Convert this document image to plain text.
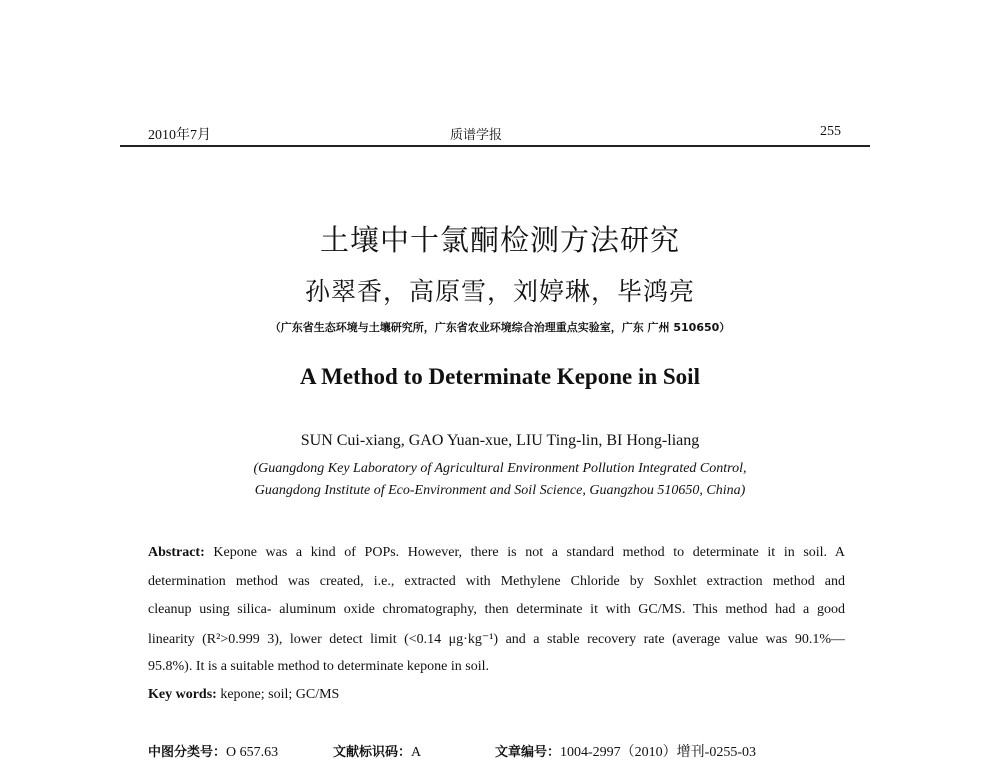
2010年7月	质谱学报	255
土壤中十氯酮检测方法研究
孙翠香，高原雪，刘婷琳，毕鸿亮
（广东省生态环境与土壤研究所，广东省农业环境综合治理重点实验室，广东 广州 510650）
A Method to Determinate Kepone in Soil
SUN Cui-xiang, GAO Yuan-xue, LIU Ting-lin, BI Hong-liang
(Guangdong Key Laboratory of Agricultural Environment Pollution Integrated Control,
Guangdong Institute of Eco-Environment and Soil Science, Guangzhou 510650, China)
Abstract: Kepone was a kind of POPs. However, there is not a standard method to determinate it in soil. A
determination method was created, i.e., extracted with Methylene Chloride by Soxhlet extraction method and
cleanup using silica- aluminum oxide chromatography, then determinate it with GC/MS. This method had a good
linearity (R²>0.999 3), lower detect limit (<0.14 μg·kg⁻¹) and a stable recovery rate (average value was 90.1%—
95.8%). It is a suitable method to determinate kepone in soil.
Key words: kepone; soil; GC/MS
中图分类号：O 657.63	文献标识码：A	文章编号：1004-2997（2010）增刊-0255-03
